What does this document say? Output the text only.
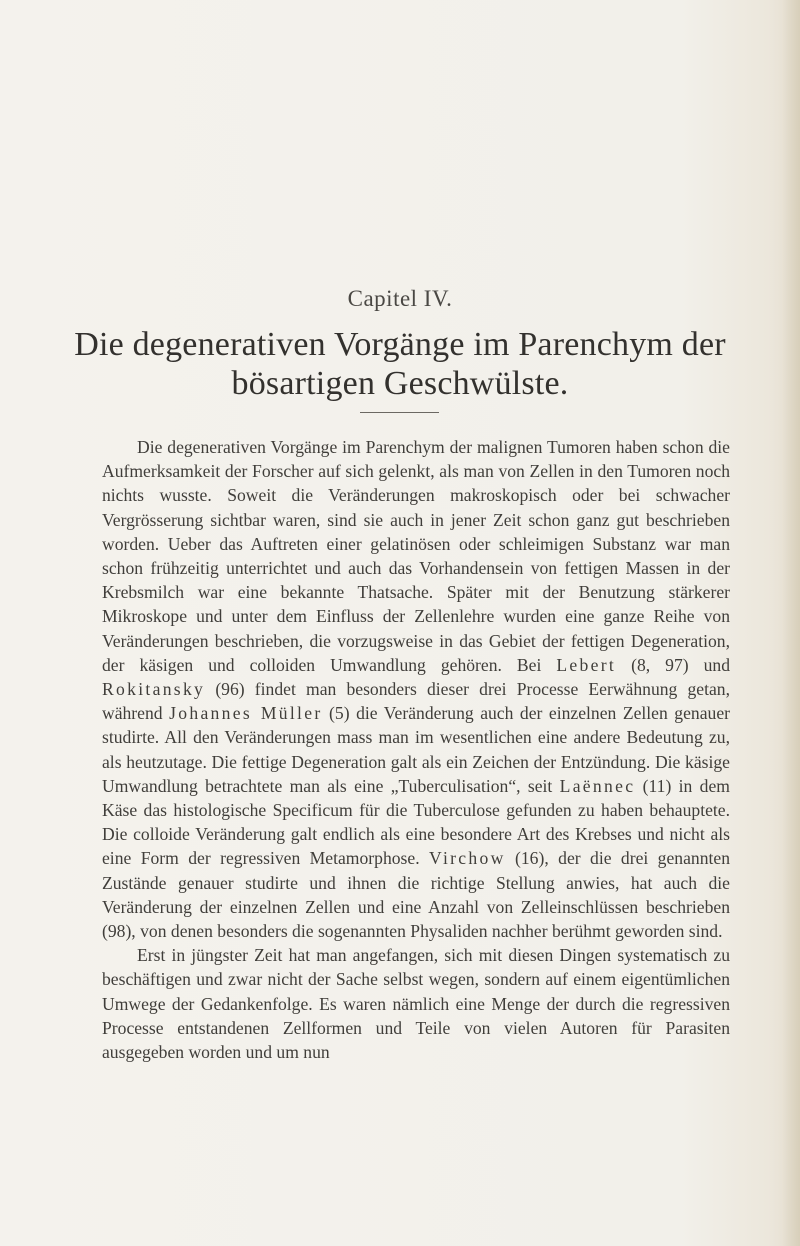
Capitel IV.
Die degenerativen Vorgänge im Parenchym der
bösartigen Geschwülste.

Die degenerativen Vorgänge im Parenchym der malignen Tumoren haben schon die Aufmerksamkeit der Forscher auf sich gelenkt, als man von Zellen in den Tumoren noch nichts wusste. Soweit die Veränderungen makroskopisch oder bei schwacher Vergrösserung sichtbar waren, sind sie auch in jener Zeit schon ganz gut beschrieben worden. Ueber das Auftreten einer gelatinösen oder schleimigen Substanz war man schon frühzeitig unterrichtet und auch das Vorhandensein von fettigen Massen in der Krebsmilch war eine bekannte Thatsache. Später mit der Benutzung stärkerer Mikroskope und unter dem Einfluss der Zellenlehre wurden eine ganze Reihe von Veränderungen beschrieben, die vorzugsweise in das Gebiet der fettigen Degeneration, der käsigen und colloiden Umwandlung gehören. Bei Lebert (8, 97) und Rokitansky (96) findet man besonders dieser drei Processe Eerwähnung getan, während Johannes Müller (5) die Veränderung auch der einzelnen Zellen genauer studirte. All den Veränderungen mass man im wesentlichen eine andere Bedeutung zu, als heutzutage. Die fettige Degeneration galt als ein Zeichen der Entzündung. Die käsige Umwandlung betrachtete man als eine „Tuberculisation“, seit Laënnec (11) in dem Käse das histologische Specificum für die Tuberculose gefunden zu haben behauptete. Die colloide Veränderung galt endlich als eine besondere Art des Krebses und nicht als eine Form der regressiven Metamorphose. Virchow (16), der die drei genannten Zustände genauer studirte und ihnen die richtige Stellung anwies, hat auch die Veränderung der einzelnen Zellen und eine Anzahl von Zelleinschlüssen beschrieben (98), von denen besonders die sogenannten Physaliden nachher berühmt geworden sind.

Erst in jüngster Zeit hat man angefangen, sich mit diesen Dingen systematisch zu beschäftigen und zwar nicht der Sache selbst wegen, sondern auf einem eigentümlichen Umwege der Gedankenfolge. Es waren nämlich eine Menge der durch die regressiven Processe entstandenen Zellformen und Teile von vielen Autoren für Parasiten ausgegeben worden und um nun
